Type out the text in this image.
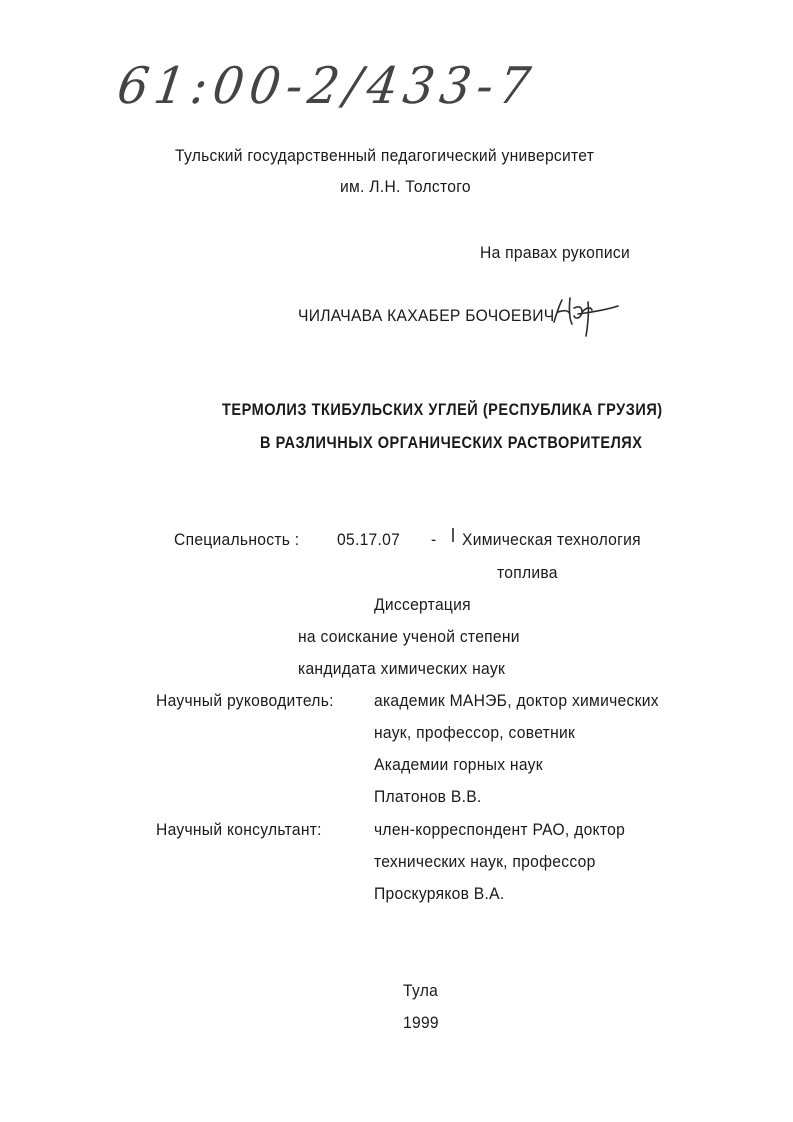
61:00-2/433-7
Тульский государственный педагогический университет
им. Л.Н. Толстого
На правах рукописи
ЧИЛАЧАВА КАХАБЕР БОЧОЕВИЧ
ТЕРМОЛИЗ ТКИБУЛЬСКИХ УГЛЕЙ (РЕСПУБЛИКА ГРУЗИЯ)
В РАЗЛИЧНЫХ ОРГАНИЧЕСКИХ РАСТВОРИТЕЛЯХ
Специальность : 05.17.07 - Химическая технология
топлива
Диссертация
на соискание ученой степени
кандидата химических наук
Научный руководитель: академик МАНЭБ, доктор химических
наук, профессор, советник
Академии горных наук
Платонов В.В.
Научный консультант:	член-корреспондент РАО, доктор
технических наук, профессор
Проскуряков В.А.
Тула
1999
